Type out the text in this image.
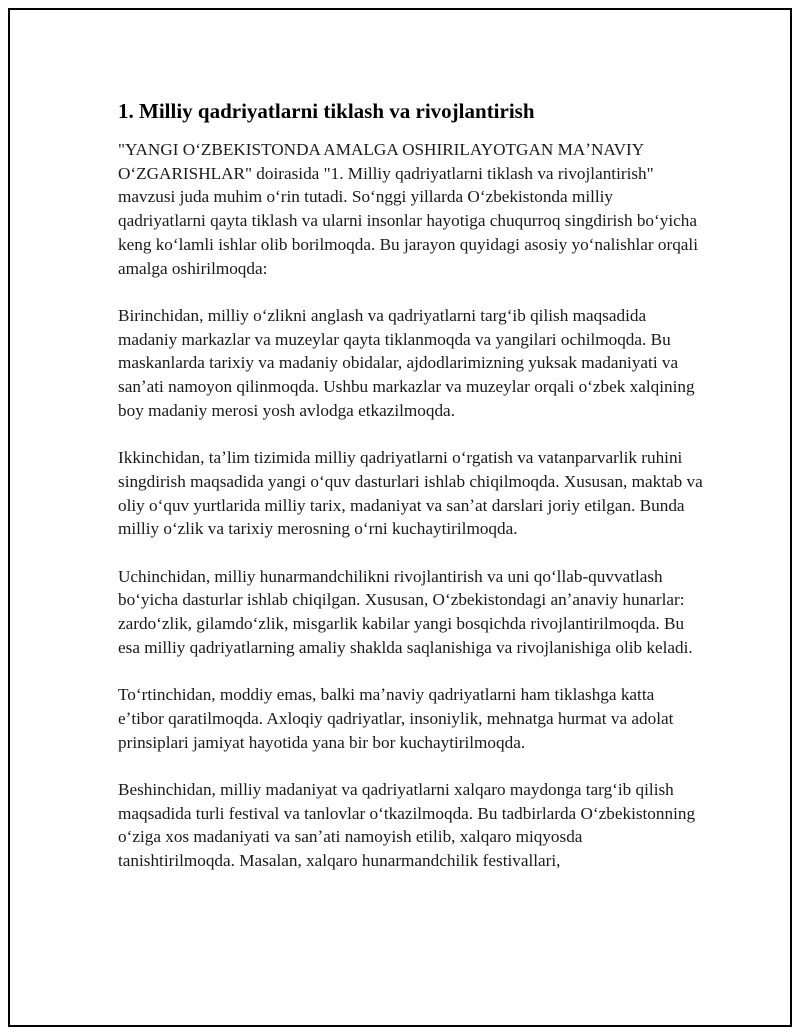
1. Milliy qadriyatlarni tiklash va rivojlantirish

"YANGI OʻZBEKISTONDA AMALGA OSHIRILAYOTGAN MAʼNAVIY OʻZGARISHLAR" doirasida "1. Milliy qadriyatlarni tiklash va rivojlantirish" mavzusi juda muhim oʻrin tutadi. Soʻnggi yillarda Oʻzbekistonda milliy qadriyatlarni qayta tiklash va ularni insonlar hayotiga chuqurroq singdirish boʻyicha keng koʻlamli ishlar olib borilmoqda. Bu jarayon quyidagi asosiy yoʻnalishlar orqali amalga oshirilmoqda:

Birinchidan, milliy oʻzlikni anglash va qadriyatlarni targʻib qilish maqsadida madaniy markazlar va muzeylar qayta tiklanmoqda va yangilari ochilmoqda. Bu maskanlarda tarixiy va madaniy obidalar, ajdodlarimizning yuksak madaniyati va sanʼati namoyon qilinmoqda. Ushbu markazlar va muzeylar orqali oʻzbek xalqining boy madaniy merosi yosh avlodga etkazilmoqda.

Ikkinchidan, taʼlim tizimida milliy qadriyatlarni oʻrgatish va vatanparvarlik ruhini singdirish maqsadida yangi oʻquv dasturlari ishlab chiqilmoqda. Xususan, maktab va oliy oʻquv yurtlarida milliy tarix, madaniyat va sanʼat darslari joriy etilgan. Bunda milliy oʻzlik va tarixiy merosning oʻrni kuchaytirilmoqda.

Uchinchidan, milliy hunarmandchilikni rivojlantirish va uni qoʻllab-quvvatlash boʻyicha dasturlar ishlab chiqilgan. Xususan, Oʻzbekistondagi anʼanaviy hunarlar: zardoʻzlik, gilamdoʻzlik, misgarlik kabilar yangi bosqichda rivojlantirilmoqda. Bu esa milliy qadriyatlarning amaliy shaklda saqlanishiga va rivojlanishiga olib keladi.

Toʻrtinchidan, moddiy emas, balki maʼnaviy qadriyatlarni ham tiklashga katta eʼtibor qaratilmoqda. Axloqiy qadriyatlar, insoniylik, mehnatga hurmat va adolat prinsiplari jamiyat hayotida yana bir bor kuchaytirilmoqda.

Beshinchidan, milliy madaniyat va qadriyatlarni xalqaro maydonga targʻib qilish maqsadida turli festival va tanlovlar oʻtkazilmoqda. Bu tadbirlarda Oʻzbekistonning oʻziga xos madaniyati va sanʼati namoyish etilib, xalqaro miqyosda tanishtirilmoqda. Masalan, xalqaro hunarmandchilik festivallari,
